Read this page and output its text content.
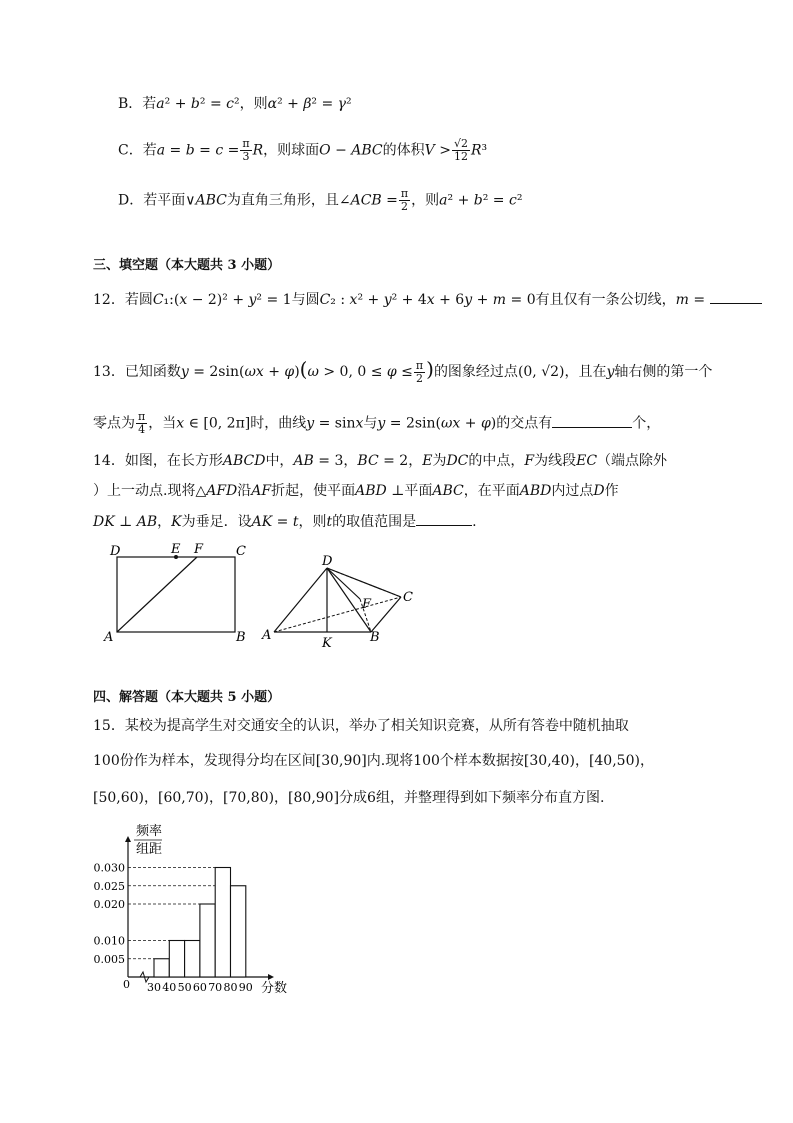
B．若a² + b² = c²，则α² + β² = γ²
C．若$a = b = c = \frac{\pi}{3}$ R，则球面O − ABC的体积$V > \frac{√2}{12} R^3$
D．若平面∨ABC为直角三角形，且∠ACB = $\frac{\pi}{2}$ ，则a² + b² = c²
三、填空题（本大题共 3 小题）
12．若圆C₁:(x − 2)² + y² = 1与圆C₂ : x² + y² + 4x + 6y + m = 0有且仅有一条公切线，m =
13．已知函数y = 2sin(ωx + φ)(ω > 0, $0 \le \varphi \le \frac{\pi}{2}$ )的图象经过点(0, √2)，且在y轴右侧的第一个
零点为 $\frac{\pi}{4}$ ，当x ∈ [0, 2π]时，曲线y = sinx与y = 2sin(ωx + φ)的交点有	个，
14．如图，在长方形ABCD中，AB = 3，BC = 2，E为DC的中点，F为线段EC（端点除外
）上一动点.现将△AFD沿AF折起，使平面ABD ⊥平面ABC，在平面ABD内过点D作
DK ⊥ AB，K为垂足．设AK = t，则t的取值范围是	.
D	E F	C
A	B
D
F C
A
K	B
四、解答题（本大题共 5 小题）
15．某校为提高学生对交通安全的认识，举办了相关知识竞赛，从所有答卷中随机抽取
100份作为样本，发现得分均在区间[30,90]内.现将100个样本数据按[30,40)，[40,50)，
[50,60)，[60,70)，[70,80)，[80,90]分成6组，并整理得到如下频率分布直方图.
频率
组距
0	分数
0.030
0.025
0.020
0.010
0.005
30 40 50 60 70 80 90
